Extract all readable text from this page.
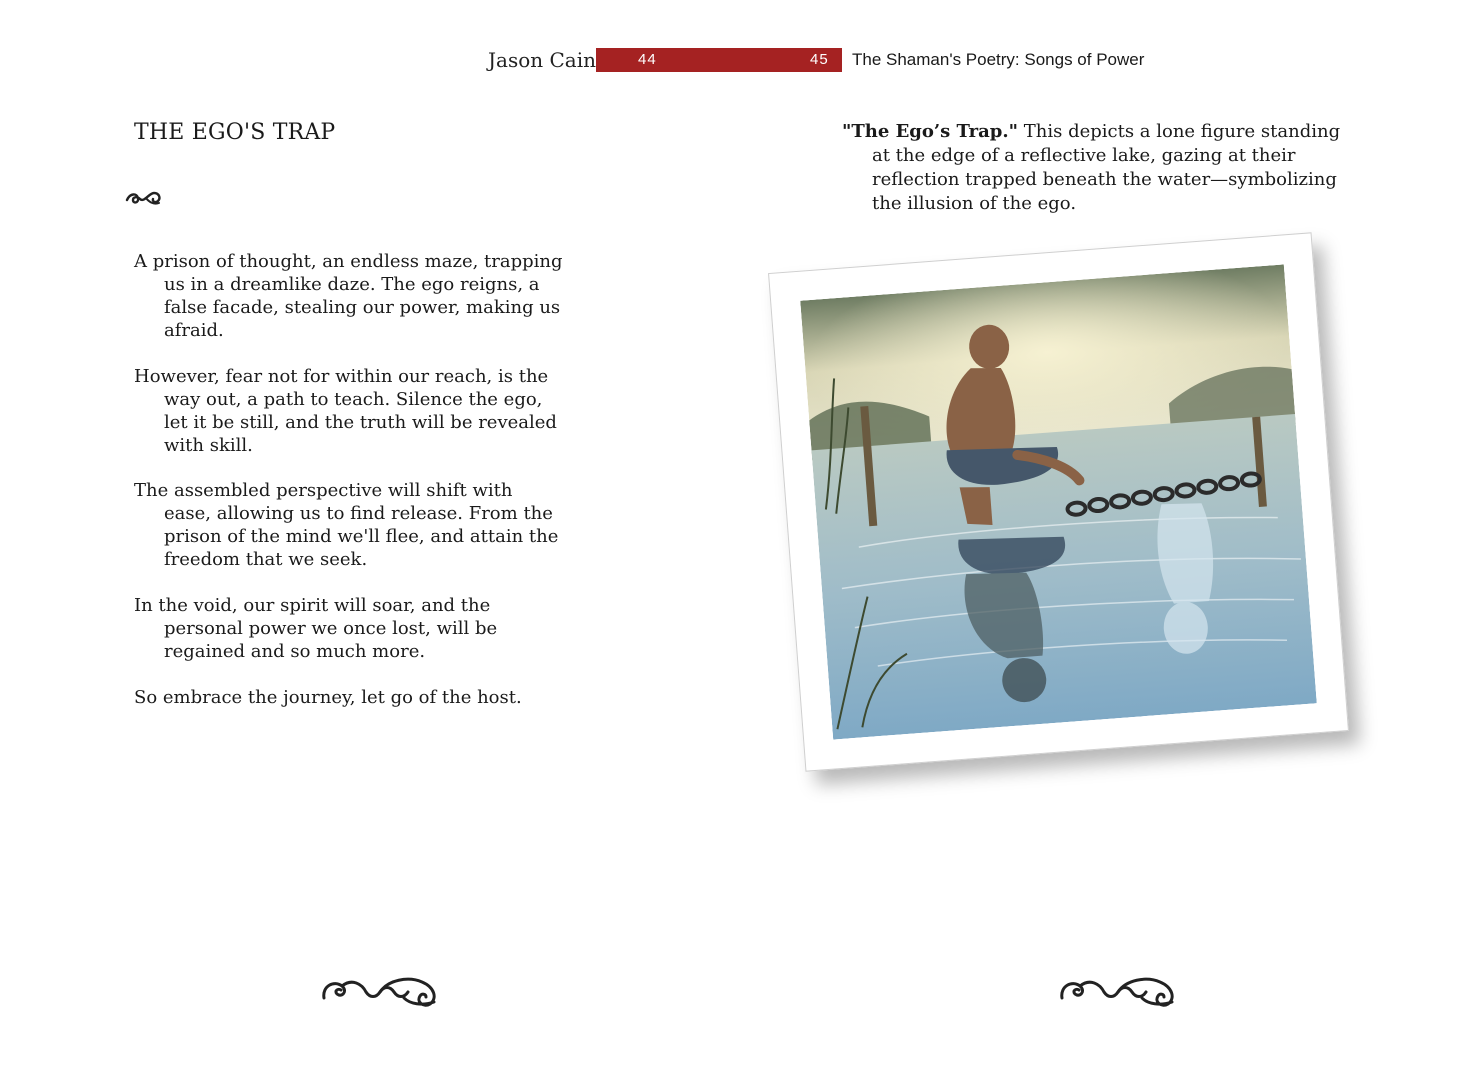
Jason Cain	44	45 The Shaman's Poetry: Songs of Power
THE EGO'S TRAP
A prison of thought, an endless maze, trapping us in a dreamlike daze. The ego reigns, a false facade, stealing our power, making us afraid.
However, fear not for within our reach, is the way out, a path to teach. Silence the ego, let it be still, and the truth will be revealed with skill.
The assembled perspective will shift with ease, allowing us to find release. From the prison of the mind we'll flee, and attain the freedom that we seek.
In the void, our spirit will soar, and the personal power we once lost, will be regained and so much more.
So embrace the journey, let go of the host.
"The Ego’s Trap." This depicts a lone figure standing at the edge of a reflective lake, gazing at their reflection trapped beneath the water—symbolizing the illusion of the ego.
